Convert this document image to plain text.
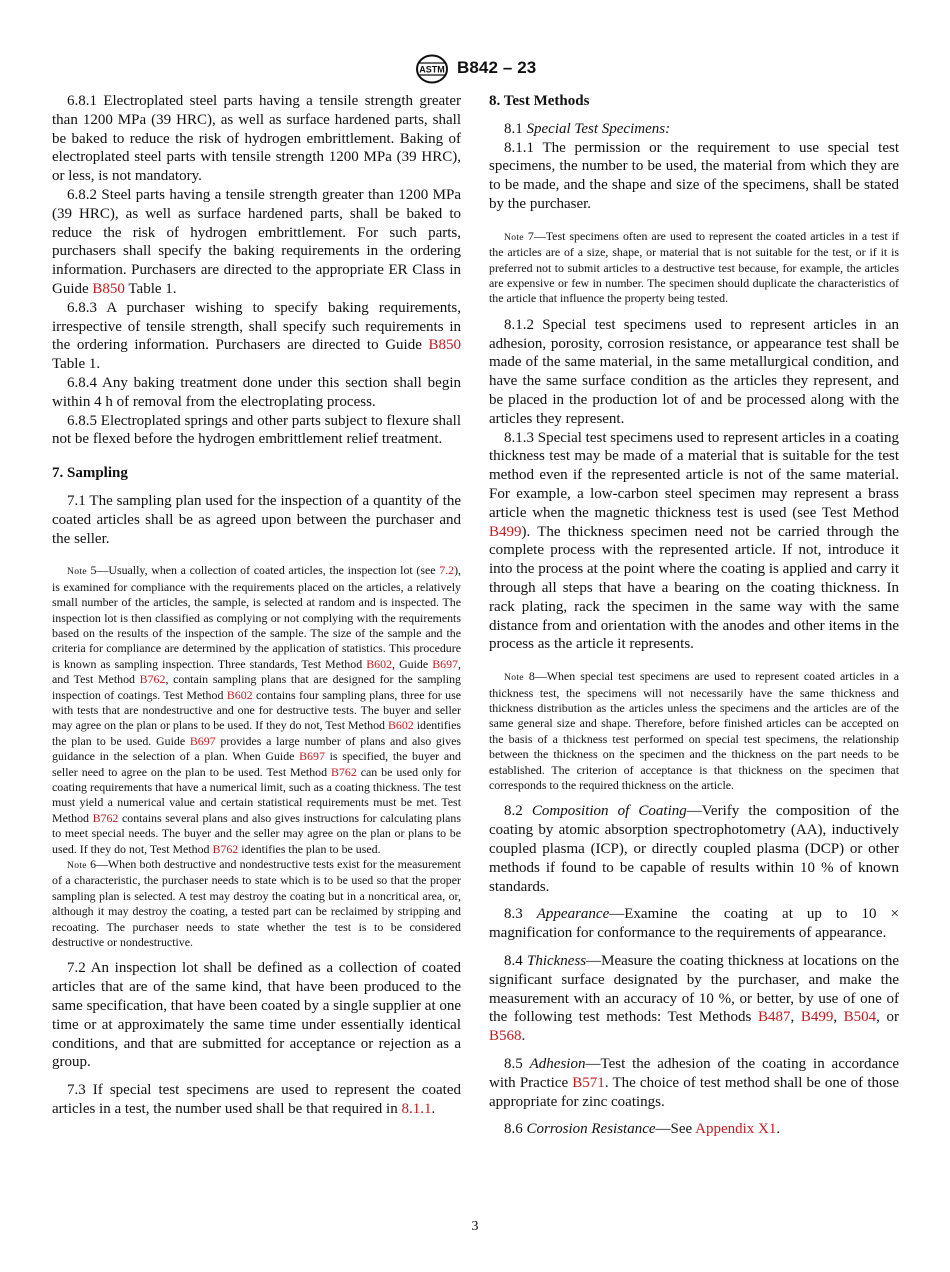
ASTM B842 – 23

6.8.1 Electroplated steel parts having a tensile strength greater than 1200 MPa (39 HRC), as well as surface hardened parts, shall be baked to reduce the risk of hydrogen embrittlement. Baking of electroplated steel parts with tensile strength 1200 MPa (39 HRC), or less, is not mandatory.

6.8.2 Steel parts having a tensile strength greater than 1200 MPa (39 HRC), as well as surface hardened parts, shall be baked to reduce the risk of hydrogen embrittlement. For such parts, purchasers shall specify the baking requirements in the ordering information. Purchasers are directed to the appropriate ER Class in Guide B850 Table 1.

6.8.3 A purchaser wishing to specify baking requirements, irrespective of tensile strength, shall specify such requirements in the ordering information. Purchasers are directed to Guide B850 Table 1.

6.8.4 Any baking treatment done under this section shall begin within 4 h of removal from the electroplating process.

6.8.5 Electroplated springs and other parts subject to flexure shall not be flexed before the hydrogen embrittlement relief treatment.

7. Sampling

7.1 The sampling plan used for the inspection of a quantity of the coated articles shall be as agreed upon between the purchaser and the seller.

Note 5—Usually, when a collection of coated articles, the inspection lot (see 7.2), is examined for compliance with the requirements placed on the articles, a relatively small number of the articles, the sample, is selected at random and is inspected. The inspection lot is then classified as complying or not complying with the requirements based on the results of the inspection of the sample. The size of the sample and the criteria for compliance are determined by the application of statistics. This procedure is known as sampling inspection. Three standards, Test Method B602, Guide B697, and Test Method B762, contain sampling plans that are designed for the sampling inspection of coatings. Test Method B602 contains four sampling plans, three for use with tests that are nondestructive and one for destructive tests. The buyer and seller may agree on the plan or plans to be used. If they do not, Test Method B602 identifies the plan to be used. Guide B697 provides a large number of plans and also gives guidance in the selection of a plan. When Guide B697 is specified, the buyer and seller need to agree on the plan to be used. Test Method B762 can be used only for coating requirements that have a numerical limit, such as a coating thickness. The test must yield a numerical value and certain statistical requirements must be met. Test Method B762 contains several plans and also gives instructions for calculating plans to meet special needs. The buyer and the seller may agree on the plan or plans to be used. If they do not, Test Method B762 identifies the plan to be used.

Note 6—When both destructive and nondestructive tests exist for the measurement of a characteristic, the purchaser needs to state which is to be used so that the proper sampling plan is selected. A test may destroy the coating but in a noncritical area, or, although it may destroy the coating, a tested part can be reclaimed by stripping and recoating. The purchaser needs to state whether the test is to be considered destructive or nondestructive.

7.2 An inspection lot shall be defined as a collection of coated articles that are of the same kind, that have been produced to the same specification, that have been coated by a single supplier at one time or at approximately the same time under essentially identical conditions, and that are submitted for acceptance or rejection as a group.

7.3 If special test specimens are used to represent the coated articles in a test, the number used shall be that required in 8.1.1.

8. Test Methods

8.1 Special Test Specimens:

8.1.1 The permission or the requirement to use special test specimens, the number to be used, the material from which they are to be made, and the shape and size of the specimens, shall be stated by the purchaser.

Note 7—Test specimens often are used to represent the coated articles in a test if the articles are of a size, shape, or material that is not suitable for the test, or if it is preferred not to submit articles to a destructive test because, for example, the articles are expensive or few in number. The specimen should duplicate the characteristics of the article that influence the property being tested.

8.1.2 Special test specimens used to represent articles in an adhesion, porosity, corrosion resistance, or appearance test shall be made of the same material, in the same metallurgical condition, and have the same surface condition as the articles they represent, and be placed in the production lot of and be processed along with the articles they represent.

8.1.3 Special test specimens used to represent articles in a coating thickness test may be made of a material that is suitable for the test method even if the represented article is not of the same material. For example, a low-carbon steel specimen may represent a brass article when the magnetic thickness test is used (see Test Method B499). The thickness specimen need not be carried through the complete process with the represented article. If not, introduce it into the process at the point where the coating is applied and carry it through all steps that have a bearing on the coating thickness. In rack plating, rack the specimen in the same way with the same distance from and orientation with the anodes and other items in the process as the article it represents.

Note 8—When special test specimens are used to represent coated articles in a thickness test, the specimens will not necessarily have the same thickness and thickness distribution as the articles unless the specimens and the articles are of the same general size and shape. Therefore, before finished articles can be accepted on the basis of a thickness test performed on special test specimens, the relationship between the thickness on the specimen and the thickness on the part needs to be established. The criterion of acceptance is that thickness on the specimen that corresponds to the required thickness on the article.

8.2 Composition of Coating—Verify the composition of the coating by atomic absorption spectrophotometry (AA), inductively coupled plasma (ICP), or directly coupled plasma (DCP) or other methods if found to be capable of results within 10 % of known standards.

8.3 Appearance—Examine the coating at up to 10 × magnification for conformance to the requirements of appearance.

8.4 Thickness—Measure the coating thickness at locations on the significant surface designated by the purchaser, and make the measurement with an accuracy of 10 %, or better, by use of one of the following test methods: Test Methods B487, B499, B504, or B568.

8.5 Adhesion—Test the adhesion of the coating in accordance with Practice B571. The choice of test method shall be one of those appropriate for zinc coatings.

8.6 Corrosion Resistance—See Appendix X1.

3
